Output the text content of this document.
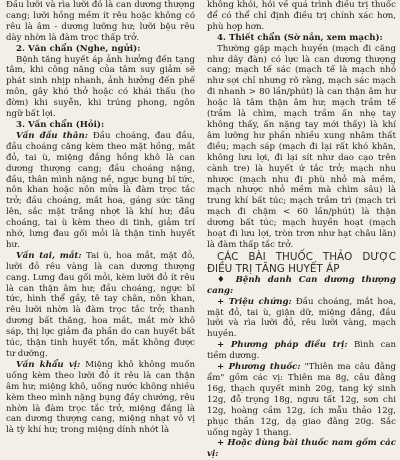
Đầu lưỡi và rìa lưỡi đỏ là can dương thượng cang; lưỡi hồng mềm ít rêu hoặc không có rêu là âm - dương lưỡng hư; lưỡi bệu rêu dày nhờn là đàm trọc thấp trở.

2. Văn chẩn (Nghe, ngửi):

Bệnh tăng huyết áp ảnh hưởng đến tạng tâm, khi công năng của tâm suy giảm sẽ phát sinh nhịp nhanh, ảnh hưởng đến phế môn, gây khó thở hoặc có khái thấu (ho đờm) khi suyễn, khi trúng phong, ngôn ngữ bất lợi.

3. Vấn chẩn (Hỏi):

Vấn đầu thân: Đầu choáng, đau đầu, đầu choáng căng kèm theo mặt hồng, mắt đỏ, tai ù, miệng đắng hồng khô là can dương thượng cang; đầu choáng nặng, đầu, thân mình nặng nề, ngực bụng bĩ tức, nôn khan hoặc nôn mửa là đàm trọc tắc trở; đầu choáng, mắt hoa, gáng sức tăng lên, sắc mặt trắng nhợt là khí hư; đầu choáng, tai ù kèm theo di tinh, giảm trí nhớ, lưng đau gối mỏi là thận tinh huyết hư.

Vấn tai, mắt: Tai ù, hoa mắt, mặt đỏ, lưỡi đỏ rêu vàng là can dương thượng cang. Lưng đau gối mỏi, kèm lưỡi đỏ ít rêu là can thận âm hư; đầu choáng, ngực bĩ tức, hình thể gầy, tê tay chân, nôn khan, rêu lưỡi nhờn là đàm trọc tắc trở; thanh dương bất thăng, hoa mắt, mắt mờ khô sáp, thị lực giảm đa phần do can huyết bất túc, thận tinh huyết tổn, mắt không được tư dưỡng.

Vấn khẩu vị: Miệng khô không muốn uống kèm theo lưỡi đỏ ít rêu là can thận âm hư; miệng khô, uống nước không nhiều kèm theo mình nặng bụng đầy chướng, rêu nhờn là đàm trọc tắc trở, miệng đắng là can dương thượng cang, miệng nhạt vô vị là tỳ khí hư; trong miệng dính nhớt là

không khỏi, hỏi về quá trình điều trị thuốc để có thể chỉ định điều trị chính xác hơn, phù hợp hơn.

4. Thiết chẩn (Sờ nắn, xem mạch):

Thường gặp mạch huyền (mạch đi căng như dây đàn) có lực là can dương thượng cang; mạch tế sác (mạch tế là mạch nhỏ như sợi chỉ nhưng rõ ràng, mạch sác mạch đi nhanh > 80 lần/phút) là can thận âm hư hoặc là tâm thận âm hư; mạch trầm tế (trầm là chìm, mạch trầm ấn nhẹ tay không thấy, ấn nặng tay mới thấy) là khí âm lưỡng hư phần nhiều xung nhâm thất điều; mạch sáp (mạch đi lại rất khó khăn, không lưu lợi, đi lại sít như dao cạo trên cành tre) là huyết ứ tắc trở; mạch nhu nhược (mạch nhu đi phù nhỏ mà mềm, mạch nhược nhỏ mềm mà chìm sâu) là trung khí bất túc; mạch trầm trì (mạch trì mạch đi chậm < 60 lần/phút) là thận dương bất túc; mạch huyền hoạt (mạch hoạt đi lưu lợi, tròn trơn như hạt châu lăn) là đàm thấp tắc trở.

CÁC BÀI THUỐC THẢO DƯỢC ĐIỀU TRỊ TĂNG HUYẾT ÁP

♦ Bệnh danh Can dương thượng cang:

+ Triệu chứng: Đầu choáng, mắt hoa, mặt đỏ, tai ù, giận dữ, miệng đắng, đầu lưỡi và rìa lưỡi đỏ, rêu lưỡi vàng, mạch huyền.

+ Phương pháp điều trị: Bình can tiềm dương.

+ Phương thuốc: "Thiên ma câu đằng ẩm" gồm các vị: Thiên ma 8g, câu đằng 16g, thạch quyết minh 20g, tang ký sinh 12g, đỗ trọng 18g, ngưu tất 12g, sơn chi 12g, hoàng cầm 12g, ích mẫu thảo 12g, phục thần 12g, dạ giao đằng 20g. Sắc uống ngày 1 thang.

+ Hoặc dùng bài thuốc nam gồm các vị:
